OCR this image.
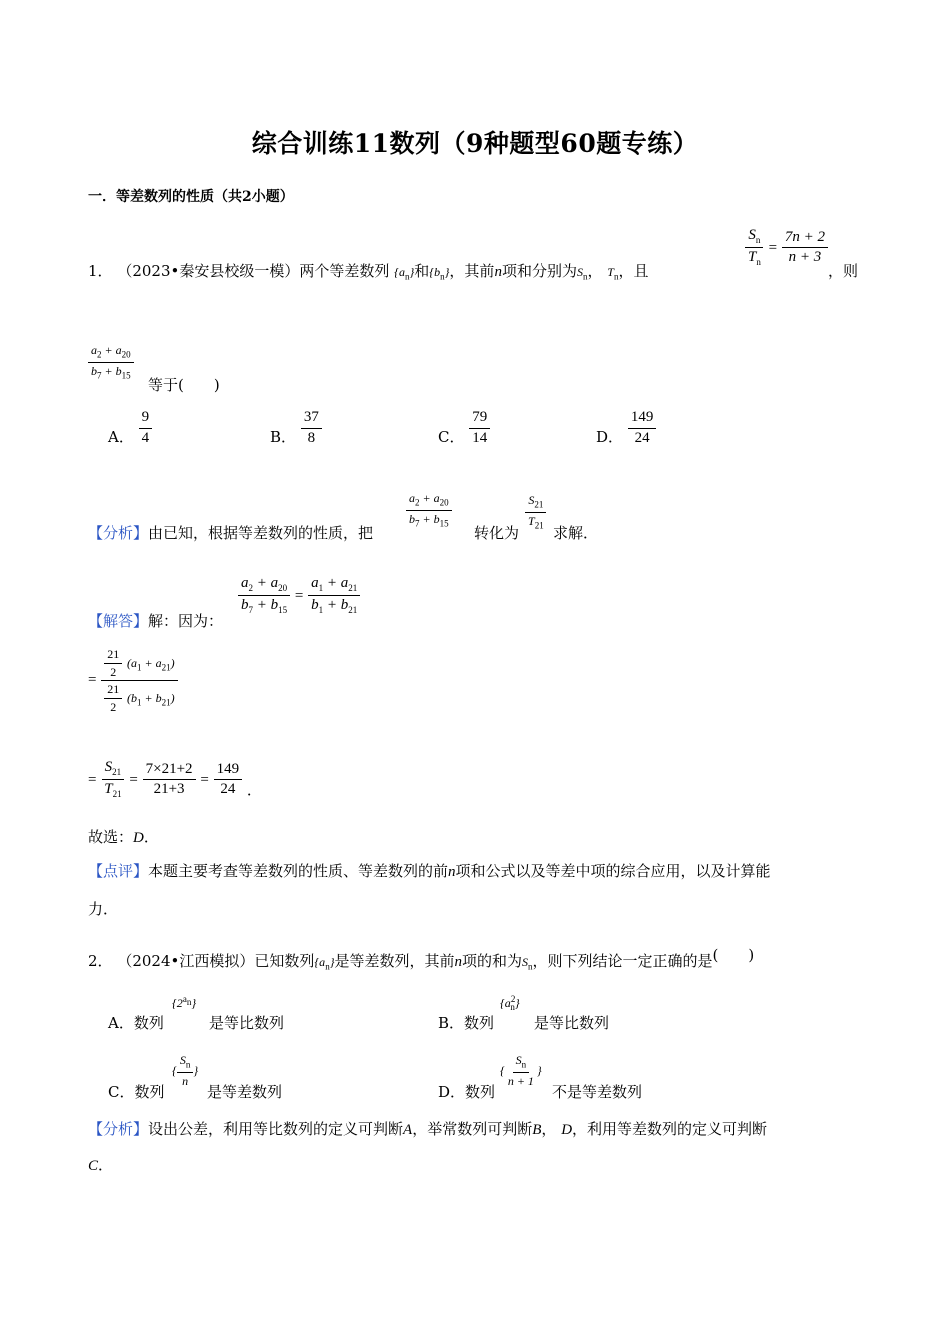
综合训练11数列（9种题型60题专练）
一．等差数列的性质（共2小题）
1． （2023•秦安县校级一模）两个等差数列 $\{a_n\}$和$\{b_n\}$，其前n项和分别为$S_n$， $T_n$，且
$\frac{S_n}{T_n} = \frac{7n + 2}{n + 3}$
，则
$\frac{a_2 + a_{20}}{b_7 + b_{15}}$
等于(　　)
A． $\frac{9}{4}$	B． $\frac{37}{8}$	C． $\frac{79}{14}$	D． $\frac{149}{24}$
【分析】由已知，根据等差数列的性质，把
$\frac{a_2 + a_{20}}{b_7 + b_{15}}$
转化为
$\frac{S_{21}}{T_{21}}$
求解．
【解答】解：因为：
$\frac{a_2 + a_{20}}{b_7 + b_{15}} = \frac{a_1 + a_{21}}{b_1 + b_{21}}$
= $\frac{\frac{21}{2} (a_1 + a_{21})}{\frac{21}{2} (b_1 + b_{21})}$
= $\frac{S_{21}}{T_{21}} = \frac{7\times 21+2}{21+3} = \frac{149}{24}$ ．
故选：D．
【点评】本题主要考查等差数列的性质、等差数列的前n项和公式以及等差中项的综合应用，以及计算能
力．
2． （2024•江西模拟）已知数列$\{a_n\}$是等差数列，其前n项的和为$S_n$，则下列结论一定正确的是(　　)
A．数列
$\{2^{a_n}\}$
是等比数列	B．数列
$\{a^2_n\}$
是等比数列
C．数列
{ $\frac{S_n}{n}$ }
是等差数列	D．数列
{ $\frac{S_n}{n + 1}$ }
不是等差数列
【分析】设出公差，利用等比数列的定义可判断A，举常数列可判断B， D，利用等差数列的定义可判断
C．
